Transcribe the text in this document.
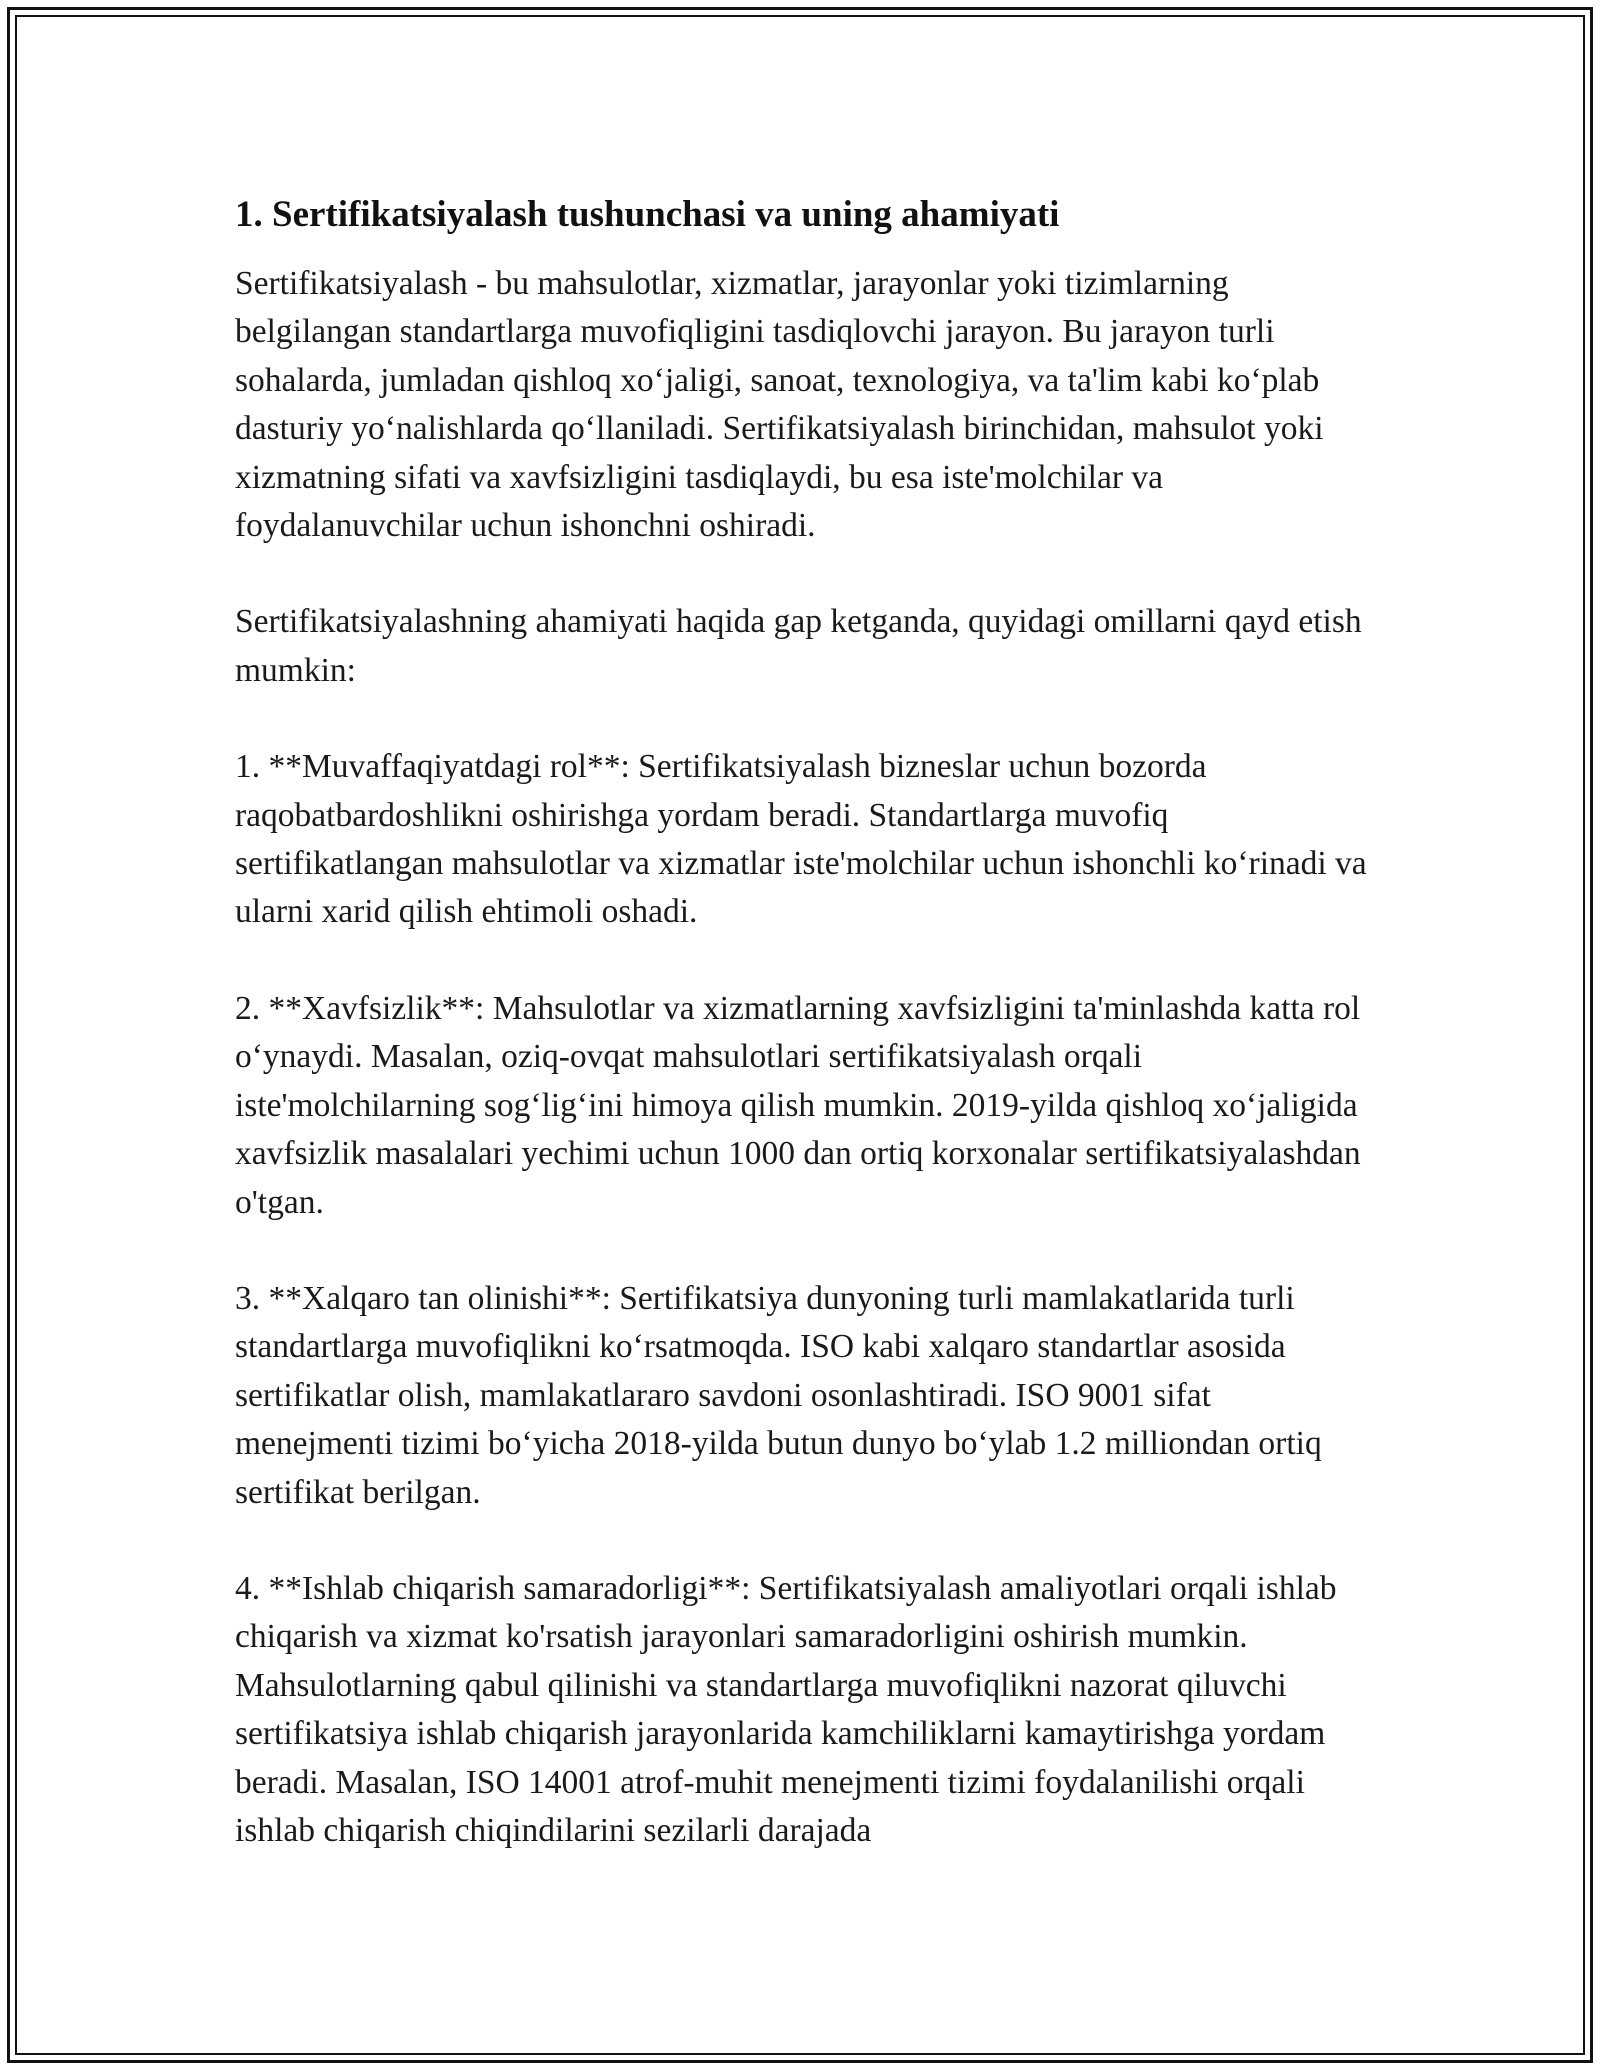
1. Sertifikatsiyalash tushunchasi va uning ahamiyati

Sertifikatsiyalash - bu mahsulotlar, xizmatlar, jarayonlar yoki tizimlarning belgilangan standartlarga muvofiqligini tasdiqlovchi jarayon. Bu jarayon turli sohalarda, jumladan qishloq xoʻjaligi, sanoat, texnologiya, va ta'lim kabi koʻplab dasturiy yoʻnalishlarda qoʻllaniladi. Sertifikatsiyalash birinchidan, mahsulot yoki xizmatning sifati va xavfsizligini tasdiqlaydi, bu esa iste'molchilar va foydalanuvchilar uchun ishonchni oshiradi.

Sertifikatsiyalashning ahamiyati haqida gap ketganda, quyidagi omillarni qayd etish mumkin:

1. **Muvaffaqiyatdagi rol**: Sertifikatsiyalash bizneslar uchun bozorda raqobatbardoshlikni oshirishga yordam beradi. Standartlarga muvofiq sertifikatlangan mahsulotlar va xizmatlar iste'molchilar uchun ishonchli koʻrinadi va ularni xarid qilish ehtimoli oshadi.

2. **Xavfsizlik**: Mahsulotlar va xizmatlarning xavfsizligini ta'minlashda katta rol oʻynaydi. Masalan, oziq-ovqat mahsulotlari sertifikatsiyalash orqali iste'molchilarning sogʻligʻini himoya qilish mumkin. 2019-yilda qishloq xoʻjaligida xavfsizlik masalalari yechimi uchun 1000 dan ortiq korxonalar sertifikatsiyalashdan o'tgan.

3. **Xalqaro tan olinishi**: Sertifikatsiya dunyoning turli mamlakatlarida turli standartlarga muvofiqlikni koʻrsatmoqda. ISO kabi xalqaro standartlar asosida sertifikatlar olish, mamlakatlararo savdoni osonlashtiradi. ISO 9001 sifat menejmenti tizimi boʻyicha 2018-yilda butun dunyo boʻylab 1.2 milliondan ortiq sertifikat berilgan.

4. **Ishlab chiqarish samaradorligi**: Sertifikatsiyalash amaliyotlari orqali ishlab chiqarish va xizmat ko'rsatish jarayonlari samaradorligini oshirish mumkin. Mahsulotlarning qabul qilinishi va standartlarga muvofiqlikni nazorat qiluvchi sertifikatsiya ishlab chiqarish jarayonlarida kamchiliklarni kamaytirishga yordam beradi. Masalan, ISO 14001 atrof-muhit menejmenti tizimi foydalanilishi orqali ishlab chiqarish chiqindilarini sezilarli darajada
